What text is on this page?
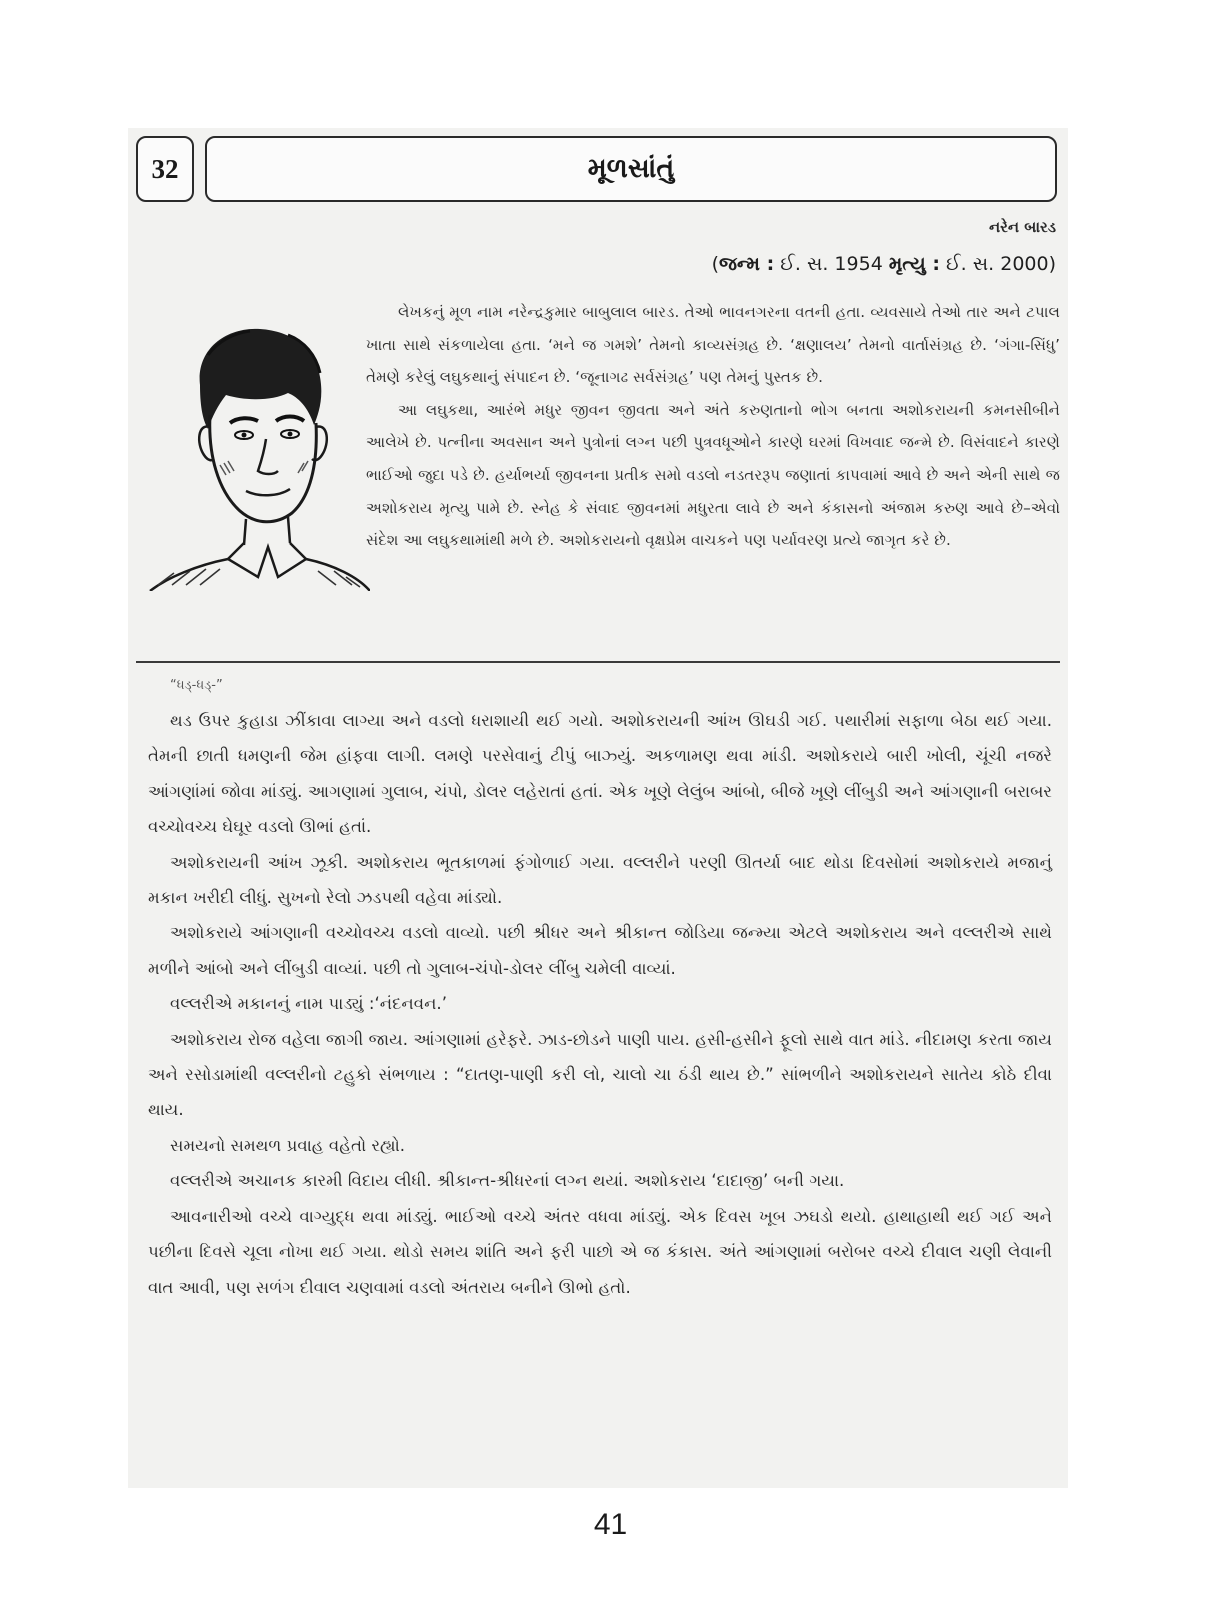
32	મૂળસાંતું
નરેન બારડ
(જન્મ : ઈ. સ. 1954 મૃત્યુ : ઈ. સ. 2000)

લેખકનું મૂળ નામ નરેન્દ્રકુમાર બાબુલાલ બારડ. તેઓ ભાવનગરના વતની હતા. વ્યવસાયે તેઓ તાર અને ટપાલ ખાતા સાથે સંકળાયેલા હતા. ‘મને જ ગમશે’ તેમનો કાવ્યસંગ્રહ છે. ‘ક્ષણાલય’ તેમનો વાર્તાસંગ્રહ છે. ‘ગંગા-સિંધુ’ તેમણે કરેલું લઘુકથાનું સંપાદન છે. ‘જૂનાગઢ સર્વસંગ્રહ’ પણ તેમનું પુસ્તક છે.

આ લઘુકથા, આરંભે મધુર જીવન જીવતા અને અંતે કરુણતાનો ભોગ બનતા અશોકરાયની કમનસીબીને આલેખે છે. પત્નીના અવસાન અને પુત્રોનાં લગ્ન પછી પુત્રવધૂઓને કારણે ઘરમાં વિખવાદ જન્મે છે. વિસંવાદને કારણે ભાઈઓ જુદા પડે છે. હર્યાભર્યા જીવનના પ્રતીક સમો વડલો નડતરરૂપ જણાતાં કાપવામાં આવે છે અને એની સાથે જ અશોકરાય મૃત્યુ પામે છે. સ્નેહ કે સંવાદ જીવનમાં મધુરતા લાવે છે અને કંકાસનો અંજામ કરુણ આવે છે–એવો સંદેશ આ લઘુકથામાંથી મળે છે. અશોકરાયનો વૃક્ષપ્રેમ વાચકને પણ પર્યાવરણ પ્રત્યે જાગૃત કરે છે.

“ધડ્-ધડ્-”

થડ ઉપર કુહાડા ઝીંકાવા લાગ્યા અને વડલો ધરાશાયી થઈ ગયો. અશોકરાયની આંખ ઊઘડી ગઈ. પથારીમાં સફાળા બેઠા થઈ ગયા. તેમની છાતી ધમણની જેમ હાંફવા લાગી. લમણે પરસેવાનું ટીપું બાઝ્યું. અકળામણ થવા માંડી. અશોકરાયે બારી ખોલી, ચૂંચી નજરે આંગણાંમાં જોવા માંડ્યું. આગણામાં ગુલાબ, ચંપો, ડોલર લહેરાતાં હતાં. એક ખૂણે લેલુંબ આંબો, બીજે ખૂણે લીંબુડી અને આંગણાની બરાબર વચ્ચોવચ્ચ ઘેઘૂર વડલો ઊભાં હતાં.

અશોકરાયની આંખ ઝૂકી. અશોકરાય ભૂતકાળમાં ફંગોળાઈ ગયા. વલ્લરીને પરણી ઊતર્યા બાદ થોડા દિવસોમાં અશોકરાયે મજાનું મકાન ખરીદી લીધું. સુખનો રેલો ઝડપથી વહેવા માંડ્યો.

અશોકરાયે આંગણાની વચ્ચોવચ્ચ વડલો વાવ્યો. પછી શ્રીધર અને શ્રીકાન્ત જોડિયા જન્મ્યા એટલે અશોકરાય અને વલ્લરીએ સાથે મળીને આંબો અને લીંબુડી વાવ્યાં. પછી તો ગુલાબ-ચંપો-ડોલર લીંબુ ચમેલી વાવ્યાં.

વલ્લરીએ મકાનનું નામ પાડ્યું :‘નંદનવન.’

અશોકરાય રોજ વહેલા જાગી જાય. આંગણામાં હરેફરે. ઝાડ-છોડને પાણી પાય. હસી-હસીને ફૂલો સાથે વાત માંડે. નીદામણ કરતા જાય અને રસોડામાંથી વલ્લરીનો ટહુકો સંભળાય : “દાતણ-પાણી કરી લો, ચાલો ચા ઠંડી થાય છે.” સાંભળીને અશોકરાયને સાતેય કોઠે દીવા થાય.

સમયનો સમથળ પ્રવાહ વહેતો રહ્યો.

વલ્લરીએ અચાનક કારમી વિદાય લીધી. શ્રીકાન્ત-શ્રીધરનાં લગ્ન થયાં. અશોકરાય ‘દાદાજી’ બની ગયા.

આવનારીઓ વચ્ચે વાગ્યુદ્ધ થવા માંડ્યું. ભાઈઓ વચ્ચે અંતર વધવા માંડ્યું. એક દિવસ ખૂબ ઝઘડો થયો. હાથાહાથી થઈ ગઈ અને પછીના દિવસે ચૂલા નોખા થઈ ગયા. થોડો સમય શાંતિ અને ફરી પાછો એ જ કંકાસ. અંતે આંગણામાં બરોબર વચ્ચે દીવાલ ચણી લેવાની વાત આવી, પણ સળંગ દીવાલ ચણવામાં વડલો અંતરાય બનીને ઊભો હતો.

41
